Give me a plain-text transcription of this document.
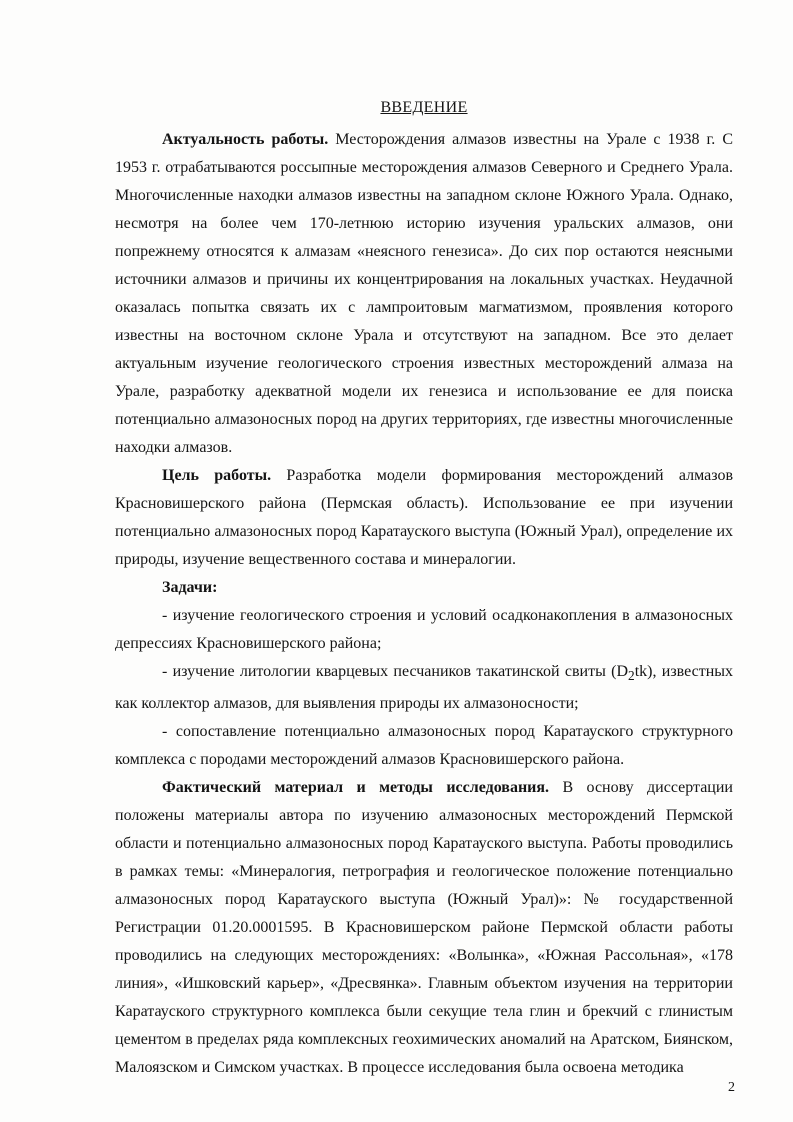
ВВЕДЕНИЕ

Актуальность работы. Месторождения алмазов известны на Урале с 1938 г. С 1953 г. отрабатываются россыпные месторождения алмазов Северного и Среднего Урала. Многочисленные находки алмазов известны на западном склоне Южного Урала. Однако, несмотря на более чем 170-летнюю историю изучения уральских алмазов, они попрежнему относятся к алмазам «неясного генезиса». До сих пор остаются неясными источники алмазов и причины их концентрирования на локальных участках. Неудачной оказалась попытка связать их с лампроитовым магматизмом, проявления которого известны на восточном склоне Урала и отсутствуют на западном. Все это делает актуальным изучение геологического строения известных месторождений алмаза на Урале, разработку адекватной модели их генезиса и использование ее для поиска потенциально алмазоносных пород на других территориях, где известны многочисленные находки алмазов.

Цель работы. Разработка модели формирования месторождений алмазов Красновишерского района (Пермская область). Использование ее при изучении потенциально алмазоносных пород Каратауского выступа (Южный Урал), определение их природы, изучение вещественного состава и минералогии.

Задачи:

- изучение геологического строения и условий осадконакопления в алмазоносных депрессиях Красновишерского района;

- изучение литологии кварцевых песчаников такатинской свиты $(D_2tk)$, известных как коллектор алмазов, для выявления природы их алмазоносности;

- сопоставление потенциально алмазоносных пород Каратауского структурного комплекса с породами месторождений алмазов Красновишерского района.

Фактический материал и методы исследования. В основу диссертации положены материалы автора по изучению алмазоносных месторождений Пермской области и потенциально алмазоносных пород Каратауского выступа. Работы проводились в рамках темы: «Минералогия, петрография и геологическое положение потенциально алмазоносных пород Каратауского выступа (Южный Урал)»: № государственной Регистрации 01.20.0001595. В Красновишерском районе Пермской области работы проводились на следующих месторождениях: «Волынка», «Южная Рассольная», «178 линия», «Ишковский карьер», «Дресвянка». Главным объектом изучения на территории Каратауского структурного комплекса были секущие тела глин и брекчий с глинистым цементом в пределах ряда комплексных геохимических аномалий на Аратском, Биянском, Малоязском и Симском участках. В процессе исследования была освоена методика

2
